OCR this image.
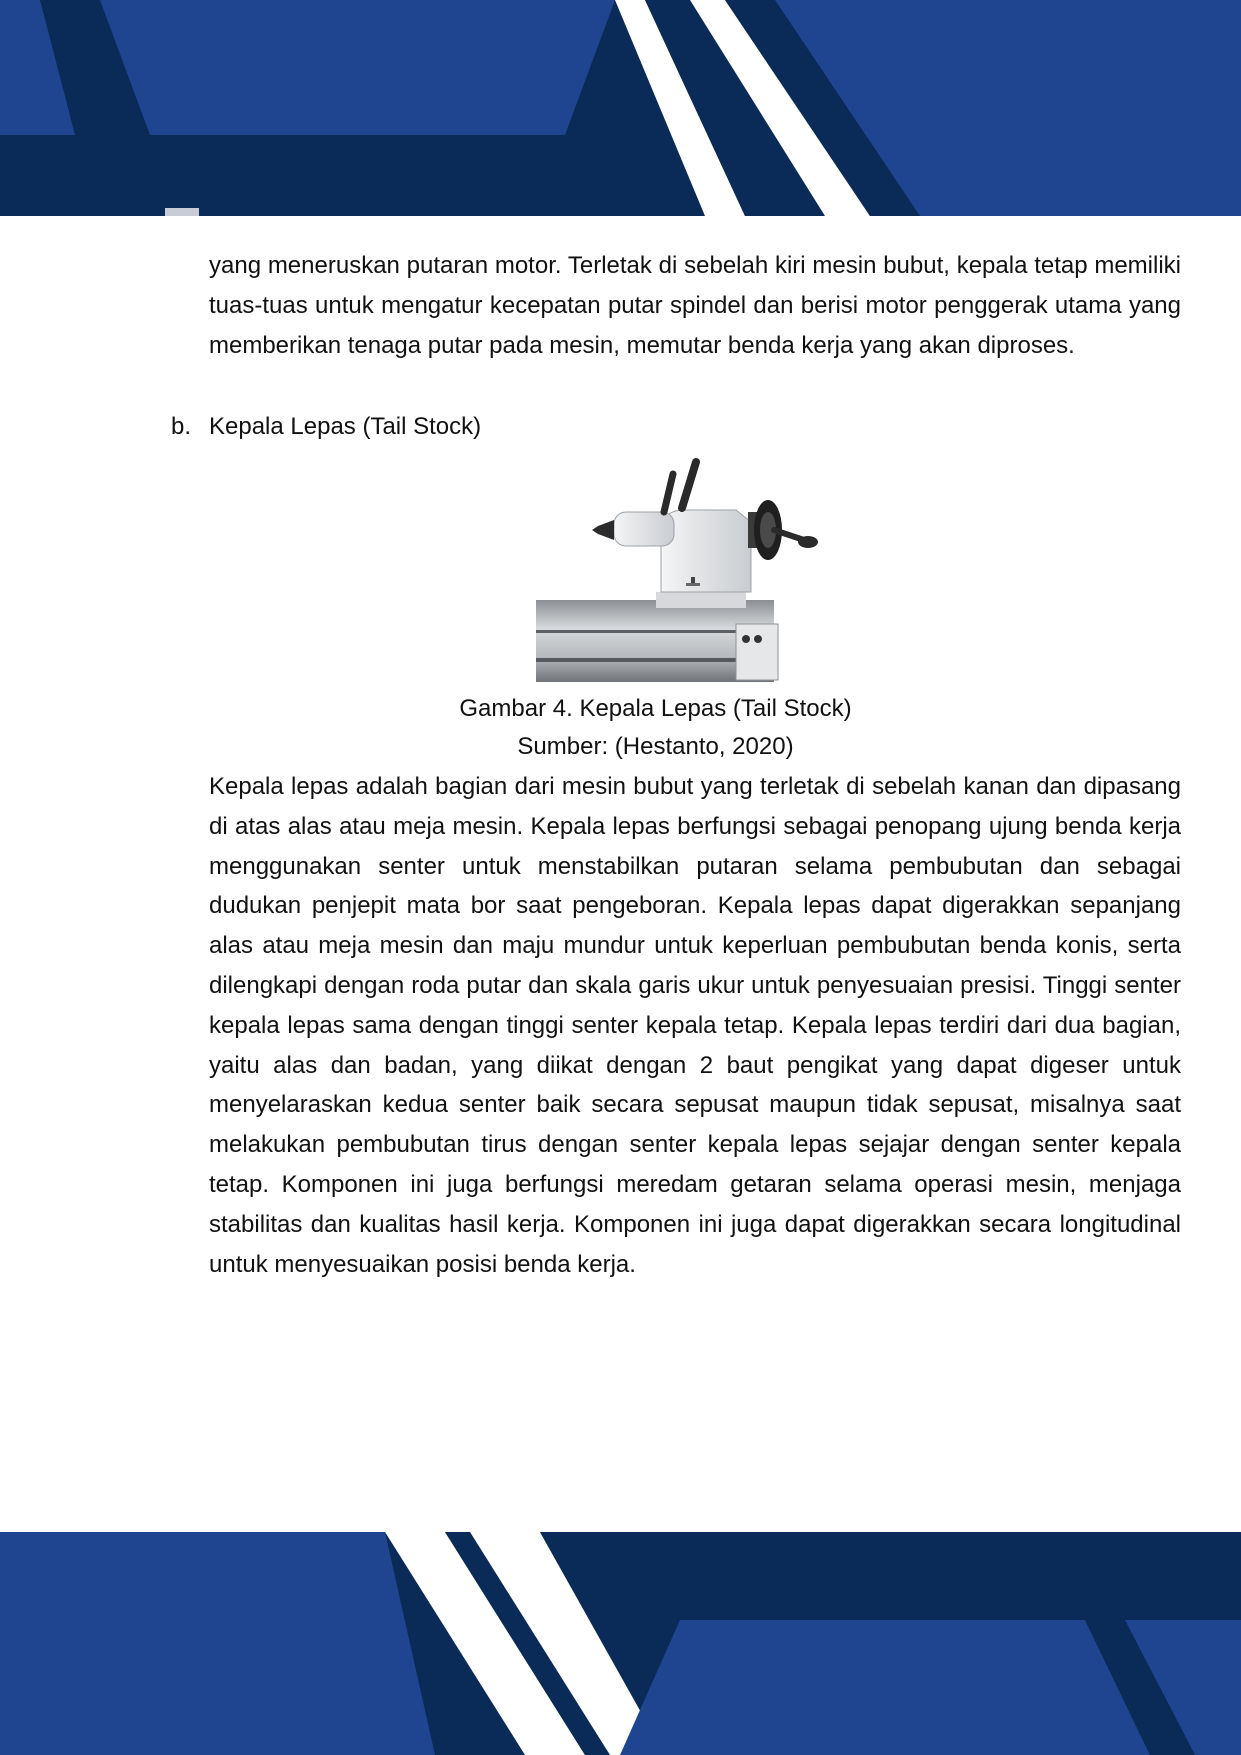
yang meneruskan putaran motor. Terletak di sebelah kiri mesin bubut, kepala tetap memiliki tuas-tuas untuk mengatur kecepatan putar spindel dan berisi motor penggerak utama yang memberikan tenaga putar pada mesin, memutar benda kerja yang akan diproses.

b. Kepala Lepas (Tail Stock)

Gambar 4. Kepala Lepas (Tail Stock)

Sumber: (Hestanto, 2020)

Kepala lepas adalah bagian dari mesin bubut yang terletak di sebelah kanan dan dipasang di atas alas atau meja mesin. Kepala lepas berfungsi sebagai penopang ujung benda kerja menggunakan senter untuk menstabilkan putaran selama pembubutan dan sebagai dudukan penjepit mata bor saat pengeboran. Kepala lepas dapat digerakkan sepanjang alas atau meja mesin dan maju mundur untuk keperluan pembubutan benda konis, serta dilengkapi dengan roda putar dan skala garis ukur untuk penyesuaian presisi. Tinggi senter kepala lepas sama dengan tinggi senter kepala tetap. Kepala lepas terdiri dari dua bagian, yaitu alas dan badan, yang diikat dengan 2 baut pengikat yang dapat digeser untuk menyelaraskan kedua senter baik secara sepusat maupun tidak sepusat, misalnya saat melakukan pembubutan tirus dengan senter kepala lepas sejajar dengan senter kepala tetap. Komponen ini juga berfungsi meredam getaran selama operasi mesin, menjaga stabilitas dan kualitas hasil kerja. Komponen ini juga dapat digerakkan secara longitudinal untuk menyesuaikan posisi benda kerja.
